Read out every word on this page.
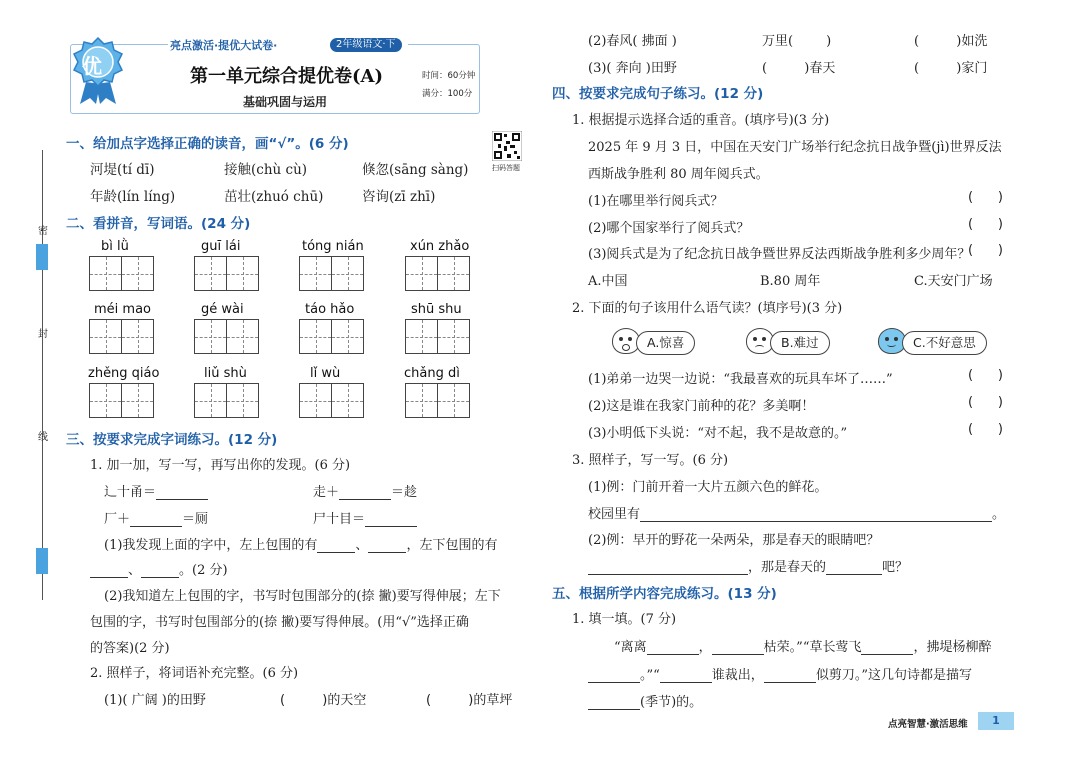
密
封
线
亮点激活·提优大试卷·	2年级语文·下
优	第一单元综合提优卷(A)
基础巩固与运用
时间：60分钟
满分：100分
扫码答题
一、给加点字选择正确的读音，画“√”。(6 分)
河堤(tí dī)	接触(chù cù)	倏忽(sāng sàng)
年龄(lín líng)	茁壮(zhuó chū)	咨询(zī zhī)
二、看拼音，写词语。(24 分)
bì lǜ	guī lái	tóng nián	xún zhǎo
méi mao	gé wài	táo hǎo	shū shu
zhěng qiáo	liǔ shù	lǐ wù	chǎng dì
三、按要求完成字词练习。(12 分)
1. 加一加，写一写，再写出你的发现。(6 分)
辶十甬＝	走＋	＝趁
厂＋	＝厕	尸十目＝
(1)我发现上面的字中，左上包围的有	、	，左下包围的有
、	。(2 分)
(2)我知道左上包围的字，书写时包围部分的(捺 撇)要写得伸展；左下
包围的字，书写时包围部分的(捺 撇)要写得伸展。(用“√”选择正确
的答案)(2 分)
2. 照样子，将词语补充完整。(6 分)
(1)( 广阔 )的田野	(         )的天空	(         )的草坪
(2)春风( 拂面 )	万里(        )	(         )如洗
(3)( 奔向 )田野	(         )春天	(         )家门
四、按要求完成句子练习。(12 分)
1. 根据提示选择合适的重音。(填序号)(3 分)
2025 年 9 月 3 日，中国在天安门广场举行纪念抗日战争暨(jì)世界反法
西斯战争胜利 80 周年阅兵式。
(1)在哪里举行阅兵式？	(      )
(2)哪个国家举行了阅兵式？	(      )
(3)阅兵式是为了纪念抗日战争暨世界反法西斯战争胜利多少周年？
(      )
A.中国	B.80 周年	C.天安门广场
2. 下面的句子该用什么语气读？(填序号)(3 分)
A.惊喜	B.难过	C.不好意思
(1)弟弟一边哭一边说：“我最喜欢的玩具车坏了……”	(      )
(2)这是谁在我家门前种的花？多美啊！	(      )
(3)小明低下头说：“对不起，我不是故意的。”	(      )
3. 照样子，写一写。(6 分)
(1)例：门前开着一大片五颜六色的鲜花。
校园里有	。
(2)例：早开的野花一朵两朵，那是春天的眼睛吧？
，那是春天的	吧？
五、根据所学内容完成练习。(13 分)
1. 填一填。(7 分)
“离离	，	枯荣。”“草长莺飞	，拂堤杨柳醉
。”“	谁裁出，	似剪刀。”这几句诗都是描写
(季节)的。
点亮智慧·激活思维	1
